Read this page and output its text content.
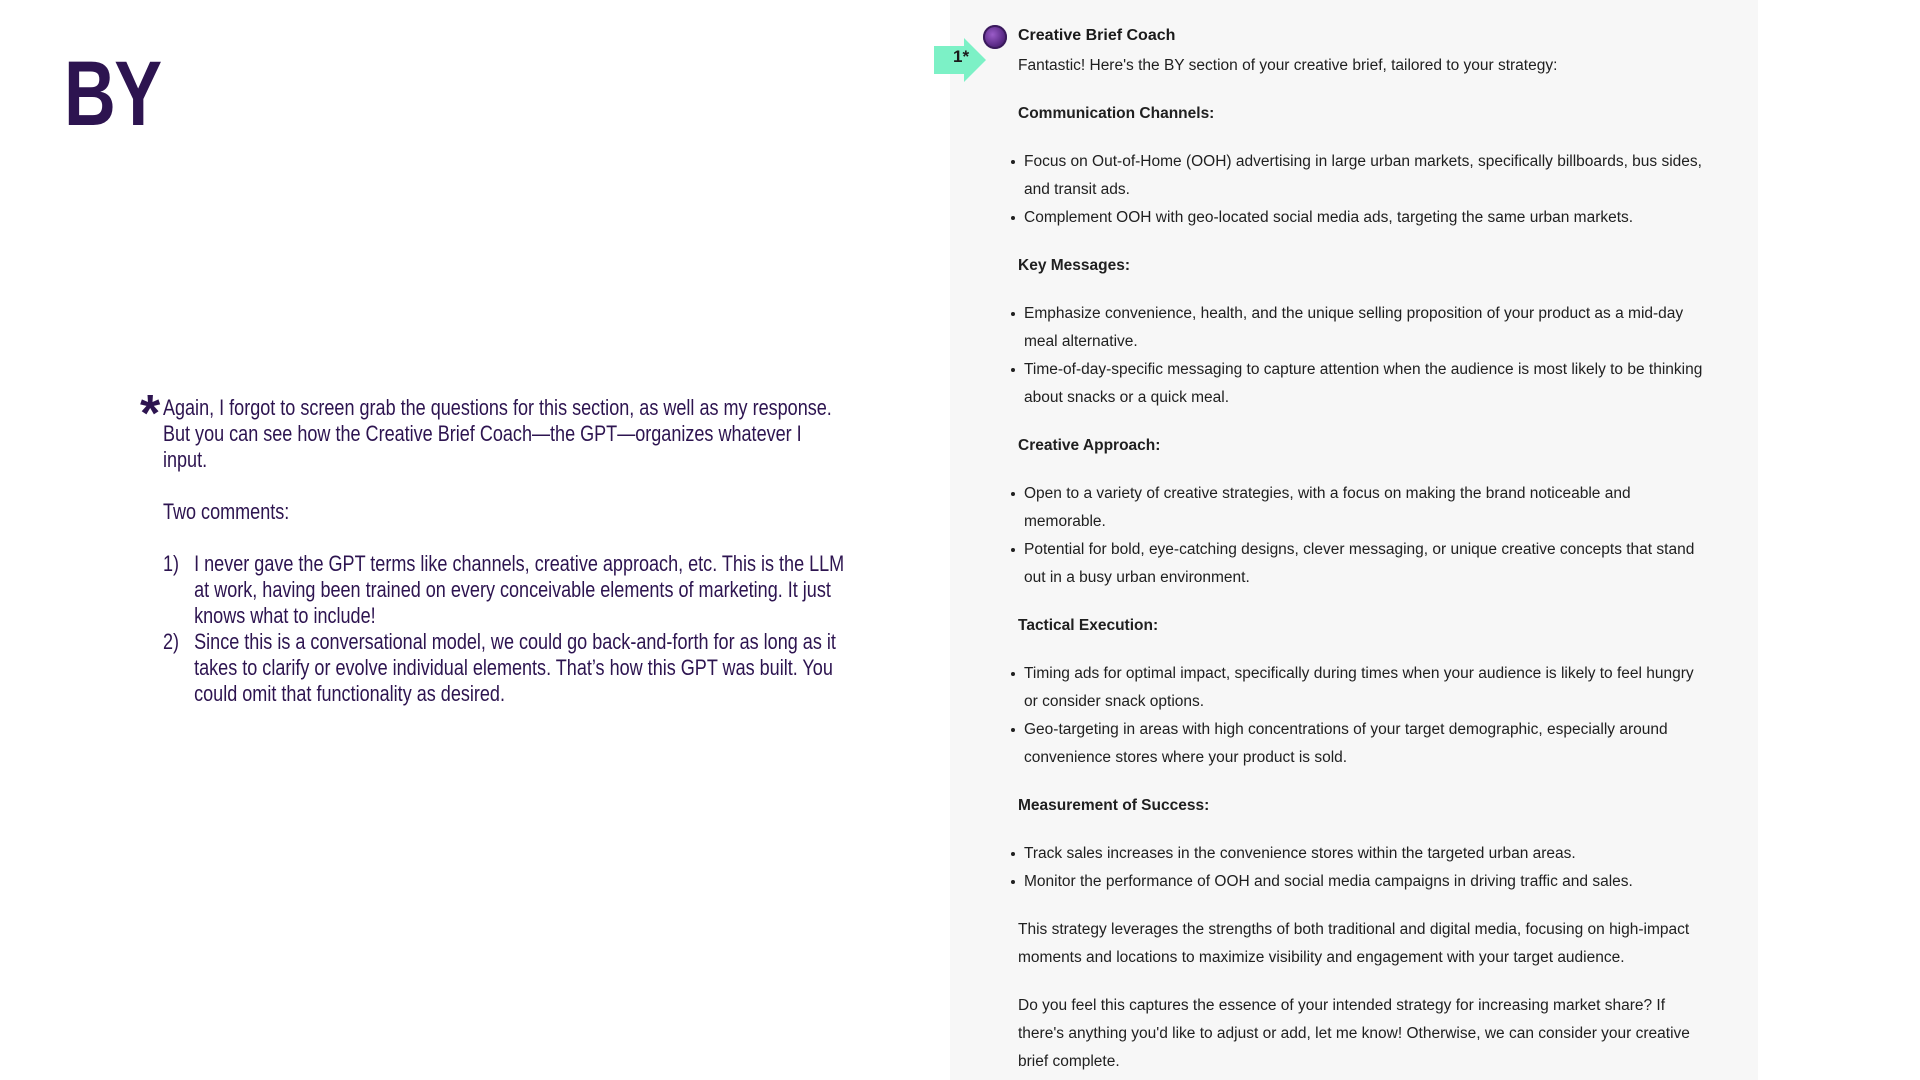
BY
* Again, I forgot to screen grab the questions for this section, as well as my response. But you can see how the Creative Brief Coach—the GPT—organizes whatever I input.

Two comments:

1) I never gave the GPT terms like channels, creative approach, etc. This is the LLM at work, having been trained on every conceivable elements of marketing. It just knows what to include!
2) Since this is a conversational model, we could go back-and-forth for as long as it takes to clarify or evolve individual elements. That’s how this GPT was built. You could omit that functionality as desired.
Creative Brief Coach
1*	Fantastic! Here's the BY section of your creative brief, tailored to your strategy:

Communication Channels:

Focus on Out-of-Home (OOH) advertising in large urban markets, specifically billboards, bus sides, and transit ads.
Complement OOH with geo-located social media ads, targeting the same urban markets.

Key Messages:

Emphasize convenience, health, and the unique selling proposition of your product as a mid-day meal alternative.
Time-of-day-specific messaging to capture attention when the audience is most likely to be thinking about snacks or a quick meal.

Creative Approach:

Open to a variety of creative strategies, with a focus on making the brand noticeable and memorable.
Potential for bold, eye-catching designs, clever messaging, or unique creative concepts that stand out in a busy urban environment.

Tactical Execution:

Timing ads for optimal impact, specifically during times when your audience is likely to feel hungry or consider snack options.
Geo-targeting in areas with high concentrations of your target demographic, especially around convenience stores where your product is sold.

Measurement of Success:

Track sales increases in the convenience stores within the targeted urban areas.
Monitor the performance of OOH and social media campaigns in driving traffic and sales.

This strategy leverages the strengths of both traditional and digital media, focusing on high-impact moments and locations to maximize visibility and engagement with your target audience.

Do you feel this captures the essence of your intended strategy for increasing market share? If there's anything you'd like to adjust or add, let me know! Otherwise, we can consider your creative brief complete.
